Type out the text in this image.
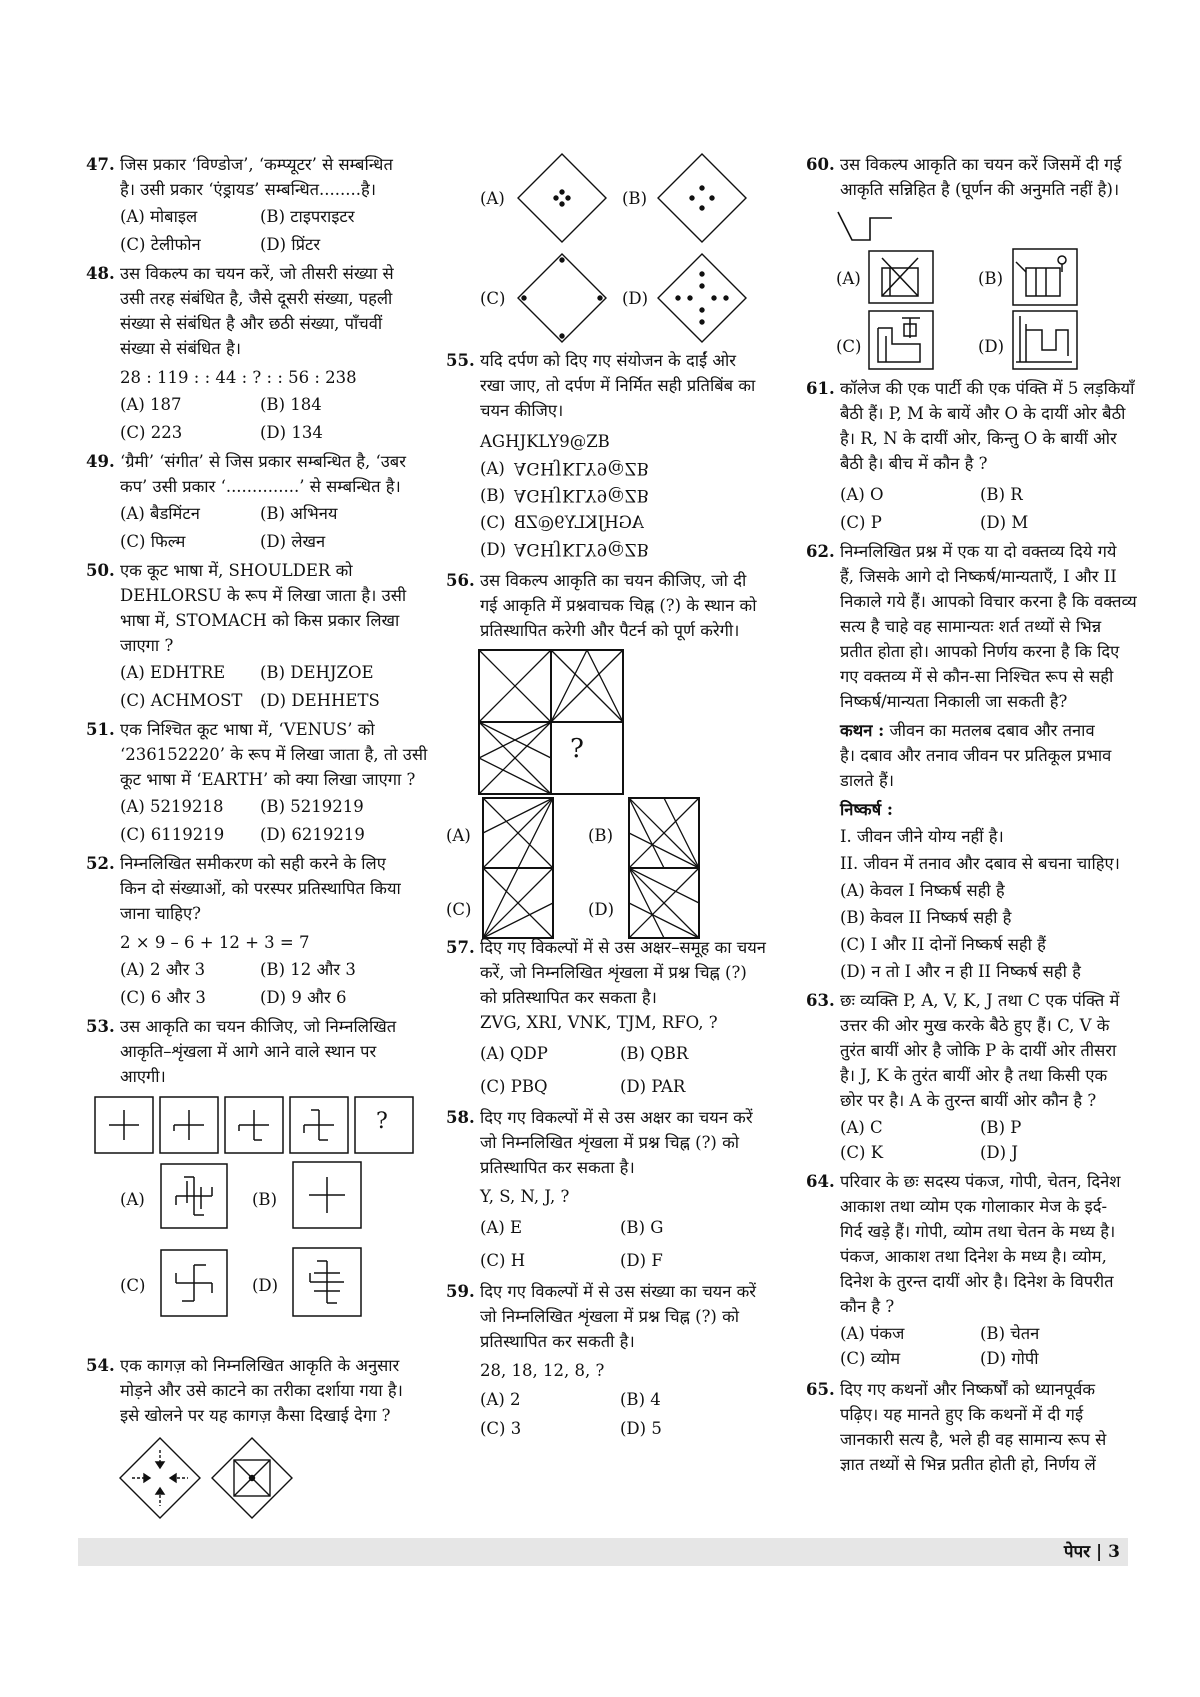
47. जिस प्रकार ‘विण्डोज’, ‘कम्प्यूटर’ से सम्बन्धित
है। उसी प्रकार ‘एंड्रायड’ सम्बन्धित........है।
(A) मोबाइल	(B) टाइपराइटर
(C) टेलीफोन	(D) प्रिंटर
48. उस विकल्प का चयन करें, जो तीसरी संख्या से
उसी तरह संबंधित है, जैसे दूसरी संख्या, पहली
संख्या से संबंधित है और छठी संख्या, पाँचवीं
संख्या से संबंधित है।
28 : 119 : : 44 : ? : : 56 : 238
(A) 187	(B) 184
(C) 223	(D) 134
49. ‘ग्रैमी’ ‘संगीत’ से जिस प्रकार सम्बन्धित है, ‘उबर
कप’ उसी प्रकार ‘..............’ से सम्बन्धित है।
(A) बैडमिंटन	(B) अभिनय
(C) फिल्म	(D) लेखन
50. एक कूट भाषा में, SHOULDER को
DEHLORSU के रूप में लिखा जाता है। उसी
भाषा में, STOMACH को किस प्रकार लिखा
जाएगा ?
(A) EDHTRE	(B) DEHJZOE
(C) ACHMOST	(D) DEHHETS
51. एक निश्चित कूट भाषा में, ‘VENUS’ को
‘236152220’ के रूप में लिखा जाता है, तो उसी
कूट भाषा में ‘EARTH’ को क्या लिखा जाएगा ?
(A) 5219218	(B) 5219219
(C) 6119219	(D) 6219219
52. निम्नलिखित समीकरण को सही करने के लिए
किन दो संख्याओं, को परस्पर प्रतिस्थापित किया
जाना चाहिए?
2 × 9 – 6 + 12 + 3 = 7
(A) 2 और 3	(B) 12 और 3
(C) 6 और 3	(D) 9 और 6
53. उस आकृति का चयन कीजिए, जो निम्नलिखित
आकृति–शृंखला में आगे आने वाले स्थान पर
आएगी।
?
(A)	(B)
(C)	(D)
54. एक कागज़ को निम्नलिखित आकृति के अनुसार
मोड़ने और उसे काटने का तरीका दर्शाया गया है।
इसे खोलने पर यह कागज़ कैसा दिखाई देगा ?
(A)	(B)
(C)	(D)
55. यदि दर्पण को दिए गए संयोजन के दाईं ओर
रखा जाए, तो दर्पण में निर्मित सही प्रतिबिंब का
चयन कीजिए।
AGHJKLY9@ZB
(A) AGHJKLY9@ZB
(B) AGHJKLY9@ZB
(C) AGHJKLY9@ZB
(D) AGHJKLY9@ZB
56. उस विकल्प आकृति का चयन कीजिए, जो दी
गई आकृति में प्रश्नवाचक चिह्न (?) के स्थान को
प्रतिस्थापित करेगी और पैटर्न को पूर्ण करेगी।
?
(A)	(B)
(C)	(D)
57. दिए गए विकल्पों में से उस अक्षर–समूह का चयन
करें, जो निम्नलिखित शृंखला में प्रश्न चिह्न (?)
को प्रतिस्थापित कर सकता है।
ZVG, XRI, VNK, TJM, RFO, ?
(A) QDP	(B) QBR
(C) PBQ	(D) PAR
58. दिए गए विकल्पों में से उस अक्षर का चयन करें
जो निम्नलिखित शृंखला में प्रश्न चिह्न (?) को
प्रतिस्थापित कर सकता है।
Y, S, N, J, ?
(A) E	(B) G
(C) H	(D) F
59. दिए गए विकल्पों में से उस संख्या का चयन करें
जो निम्नलिखित शृंखला में प्रश्न चिह्न (?) को
प्रतिस्थापित कर सकती है।
28, 18, 12, 8, ?
(A) 2	(B) 4
(C) 3	(D) 5
60. उस विकल्प आकृति का चयन करें जिसमें दी गई
आकृति सन्निहित है (घूर्णन की अनुमति नहीं है)।
(A)	(B)
(C)	(D)
61. कॉलेज की एक पार्टी की एक पंक्ति में 5 लड़कियाँ
बैठी हैं। P, M के बायें और O के दायीं ओर बैठी
है। R, N के दायीं ओर, किन्तु O के बायीं ओर
बैठी है। बीच में कौन है ?
(A) O	(B) R
(C) P	(D) M
62. निम्नलिखित प्रश्न में एक या दो वक्तव्य दिये गये
हैं, जिसके आगे दो निष्कर्ष/मान्यताएँ, I और II
निकाले गये हैं। आपको विचार करना है कि वक्तव्य
सत्य है चाहे वह सामान्यतः शर्त तथ्यों से भिन्न
प्रतीत होता हो। आपको निर्णय करना है कि दिए
गए वक्तव्य में से कौन-सा निश्चित रूप से सही
निष्कर्ष/मान्यता निकाली जा सकती है?
कथन : जीवन का मतलब दबाव और तनाव
है। दबाव और तनाव जीवन पर प्रतिकूल प्रभाव
डालते हैं।
निष्कर्ष :
I. जीवन जीने योग्य नहीं है।
II. जीवन में तनाव और दबाव से बचना चाहिए।
(A) केवल I निष्कर्ष सही है
(B) केवल II निष्कर्ष सही है
(C) I और II दोनों निष्कर्ष सही हैं
(D) न तो I और न ही II निष्कर्ष सही है
63. छः व्यक्ति P, A, V, K, J तथा C एक पंक्ति में
उत्तर की ओर मुख करके बैठे हुए हैं। C, V के
तुरंत बायीं ओर है जोकि P के दायीं ओर तीसरा
है। J, K के तुरंत बायीं ओर है तथा किसी एक
छोर पर है। A के तुरन्त बायीं ओर कौन है ?
(A) C	(B) P
(C) K	(D) J
64. परिवार के छः सदस्य पंकज, गोपी, चेतन, दिनेश
आकाश तथा व्योम एक गोलाकार मेज के इर्द-
गिर्द खड़े हैं। गोपी, व्योम तथा चेतन के मध्य है।
पंकज, आकाश तथा दिनेश के मध्य है। व्योम,
दिनेश के तुरन्त दायीं ओर है। दिनेश के विपरीत
कौन है ?
(A) पंकज	(B) चेतन
(C) व्योम	(D) गोपी
65. दिए गए कथनों और निष्कर्षों को ध्यानपूर्वक
पढ़िए। यह मानते हुए कि कथनों में दी गई
जानकारी सत्य है, भले ही वह सामान्य रूप से
ज्ञात तथ्यों से भिन्न प्रतीत होती हो, निर्णय लें
पेपर | 3
